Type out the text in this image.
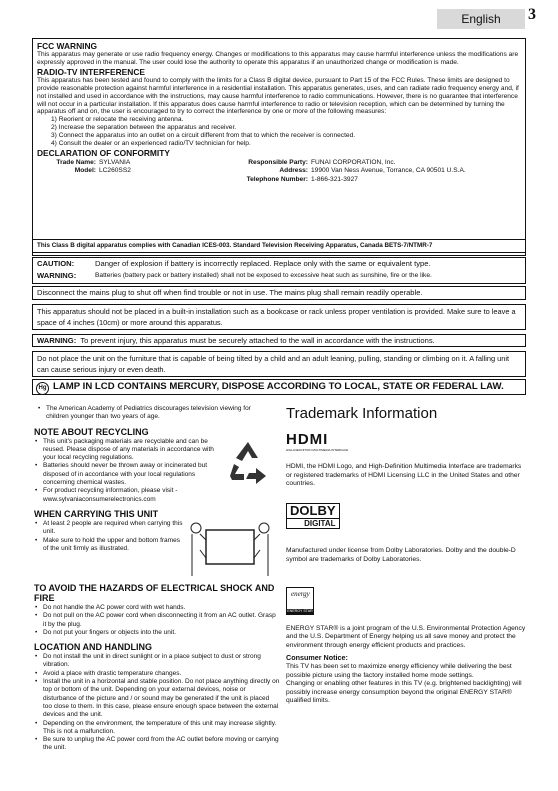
English	3
FCC WARNING

This apparatus may generate or use radio frequency energy. Changes or modifications to this apparatus may cause harmful interference unless the modifications are expressly approved in the manual. The user could lose the authority to operate this apparatus if an unauthorized change or modification is made.

RADIO-TV INTERFERENCE

This apparatus has been tested and found to comply with the limits for a Class B digital device, pursuant to Part 15 of the FCC Rules. These limits are designed to provide reasonable protection against harmful interference in a residential installation. This apparatus generates, uses, and can radiate radio frequency energy and, if not installed and used in accordance with the instructions, may cause harmful interference to radio communications. However, there is no guarantee that interference will not occur in a particular installation. If this apparatus does cause harmful interference to radio or television reception, which can be determined by turning the apparatus off and on, the user is encouraged to try to correct the interference by one or more of the following measures:

1) Reorient or relocate the receiving antenna.
2) Increase the separation between the apparatus and receiver.
3) Connect the apparatus into an outlet on a circuit different from that to which the receiver is connected.
4) Consult the dealer or an experienced radio/TV technician for help.
DECLARATION OF CONFORMITY
Trade Name: SYLVANIA	Responsible Party: FUNAI CORPORATION, Inc.
Model: LC260SS2	Address: 19900 Van Ness Avenue, Torrance, CA 90501 U.S.A.
Telephone Number: 1-866-321-3927
This Class B digital apparatus complies with Canadian ICES-003. Standard Television Receiving Apparatus, Canada BETS-7/NTMR-7
CAUTION:	Danger of explosion if battery is incorrectly replaced. Replace only with the same or equivalent type.
WARNING:	Batteries (battery pack or battery installed) shall not be exposed to excessive heat such as sunshine, fire or the like.
Disconnect the mains plug to shut off when find trouble or not in use. The mains plug shall remain readily operable.
This apparatus should not be placed in a built-in installation such as a bookcase or rack unless proper ventilation is provided. Make sure to leave a space of 4 inches (10cm) or more around this apparatus.
WARNING: To prevent injury, this apparatus must be securely attached to the wall in accordance with the instructions.
Do not place the unit on the furniture that is capable of being tilted by a child and an adult leaning, pulling, standing or climbing on it. A falling unit can cause serious injury or even death.
Hg LAMP IN LCD CONTAINS MERCURY, DISPOSE ACCORDING TO LOCAL, STATE OR FEDERAL LAW.
• The American Academy of Pediatrics discourages television viewing for children younger than two years of age.
NOTE ABOUT RECYCLING
• This unit's packaging materials are recyclable and can be reused. Please dispose of any materials in accordance with your local recycling regulations.
• Batteries should never be thrown away or incinerated but disposed of in accordance with your local regulations concerning chemical wastes.
• For product recycling information, please visit - www.sylvaniaconsumerelectronics.com
WHEN CARRYING THIS UNIT
• At least 2 people are required when carrying this unit.
• Make sure to hold the upper and bottom frames of the unit firmly as illustrated.
TO AVOID THE HAZARDS OF ELECTRICAL SHOCK AND FIRE
• Do not handle the AC power cord with wet hands.
• Do not pull on the AC power cord when disconnecting it from an AC outlet. Grasp it by the plug.
• Do not put your fingers or objects into the unit.
LOCATION AND HANDLING
• Do not install the unit in direct sunlight or in a place subject to dust or strong vibration.
• Avoid a place with drastic temperature changes.
• Install the unit in a horizontal and stable position. Do not place anything directly on top or bottom of the unit. Depending on your external devices, noise or disturbance of the picture and / or sound may be generated if the unit is placed too close to them. In this case, please ensure enough space between the external devices and the unit.
• Depending on the environment, the temperature of this unit may increase slightly. This is not a malfunction.
• Be sure to unplug the AC power cord from the AC outlet before moving or carrying the unit.
Trademark Information
HDMI
HIGH-DEFINITION MULTIMEDIA INTERFACE

HDMI, the HDMI Logo, and High-Definition Multimedia Interface are trademarks or registered trademarks of HDMI Licensing LLC in the United States and other countries.

DOLBY
DIGITAL

Manufactured under license from Dolby Laboratories. Dolby and the double-D symbol are trademarks of Dolby Laboratories.

energy
ENERGY STAR

ENERGY STAR® is a joint program of the U.S. Environmental Protection Agency and the U.S. Department of Energy helping us all save money and protect the environment through energy efficient products and practices.

Consumer Notice:

This TV has been set to maximize energy efficiency while delivering the best possible picture using the factory installed home mode settings.

Changing or enabling other features in this TV (e.g. brightened backlighting) will possibly increase energy consumption beyond the original ENERGY STAR® qualified limits.
